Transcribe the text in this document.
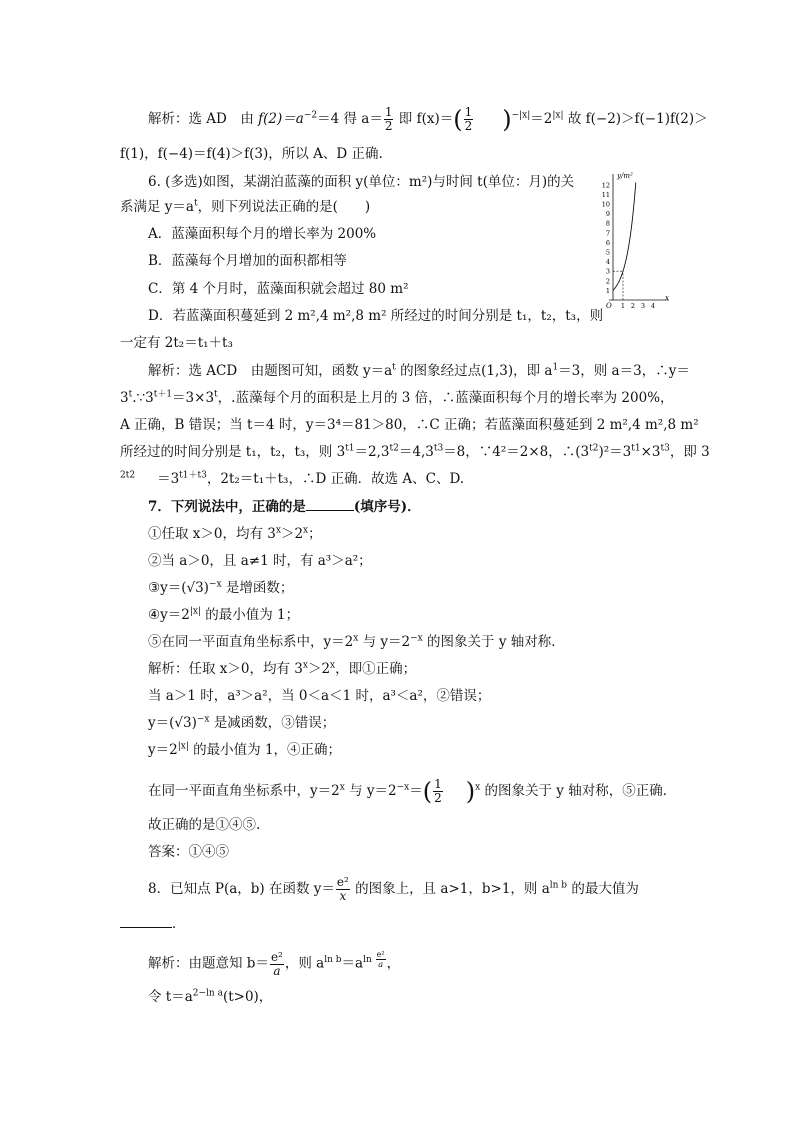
解析：选 AD　由 $f(2)=a^{-2}=4$ 得 $a= \frac{1}{2}$ 即 $f(x)=( \frac{1}{2} )^{-|x|}=2^{|x|}$ 故 f(−2)＞f(−1)f(2)＞
f(1)，f(−4)＝f(4)＞f(3)，所以 A、D 正确.
6. (多选)如图，某湖泊蓝藻的面积 y(单位：m²)与时间 t(单位：月)的关
系满足 $y=a^t$，则下列说法正确的是(　　)
A．蓝藻面积每个月的增长率为 200%
B．蓝藻每个月增加的面积都相等
C．第 4 个月时，蓝藻面积就会超过 80 m²
D．若蓝藻面积蔓延到 2 m²,4 m²,8 m² 所经过的时间分别是 t₁，t₂，t₃，则
一定有 2t₂＝t₁＋t₃
1
2
3
4
5
6
7
8
9
10
11
12
1 2 3 4
y/m²
x
O
解析：选 ACD　由题图可知，函数 $y=a^t$ 的图象经过点(1,3)，即 $a^1=3$，则 a＝3，∴y＝
$3^t.\because 3^{t+1}=3\times 3^t$，.蓝藻每个月的面积是上月的 3 倍，∴蓝藻面积每个月的增长率为 200%，
A 正确，B 错误；当 t＝4 时，y＝3⁴＝81＞80，∴C 正确；若蓝藻面积蔓延到 2 m²,4 m²,8 m²
所经过的时间分别是 t₁，t₂，t₃，则 $3^{t1}=2,3^{t2}=4,3^{t3}=8$，∵4²＝2×8，$\therefore(3^{t2})^2=3^{t1}\times 3^{t3}$，即 3
$^{2t2} =3^{t1+t3}$，2t₂＝t₁＋t₃，∴D 正确．故选 A、C、D.
7．下列说法中，正确的是	(填序号)．
①任取 x＞0，均有 $3^x>2^x$；
②当 a＞0，且 a≠1 时，有 a³＞a²；
$③y=(√3)^{-x}$ 是增函数；
$④y=2^{|x|}$ 的最小值为 1；
⑤在同一平面直角坐标系中，$y=2^x$ 与 $y=2^{-x}$ 的图象关于 y 轴对称．
解析：任取 x＞0，均有 $3^x>2^x$，即①正确；
当 a＞1 时，a³＞a²，当 0＜a＜1 时，a³＜a²，②错误；
$y=(√3)^{-x}$ 是减函数，③错误；
$y=2^{|x|}$ 的最小值为 1，④正确；
在同一平面直角坐标系中，$y=2^x$ 与 $y=2^{-x}=( \frac{1}{2} )^x$ 的图象关于 y 轴对称，⑤正确．
故正确的是①④⑤.
答案：①④⑤
8．已知点 P(a，b) 在函数 $y= \frac{\text{e²}}{x}$ 的图象上，且 a>1，b>1，则 $a^{ln b}$ 的最大值为
．
解析：由题意知 $b= \frac{\text{e²}}{a}$ ，则 $a^{ln b}=a^{ln \frac{\text{e²}}{a}}$ ，
令 $t=a^{2-ln a}(t>0)$，
